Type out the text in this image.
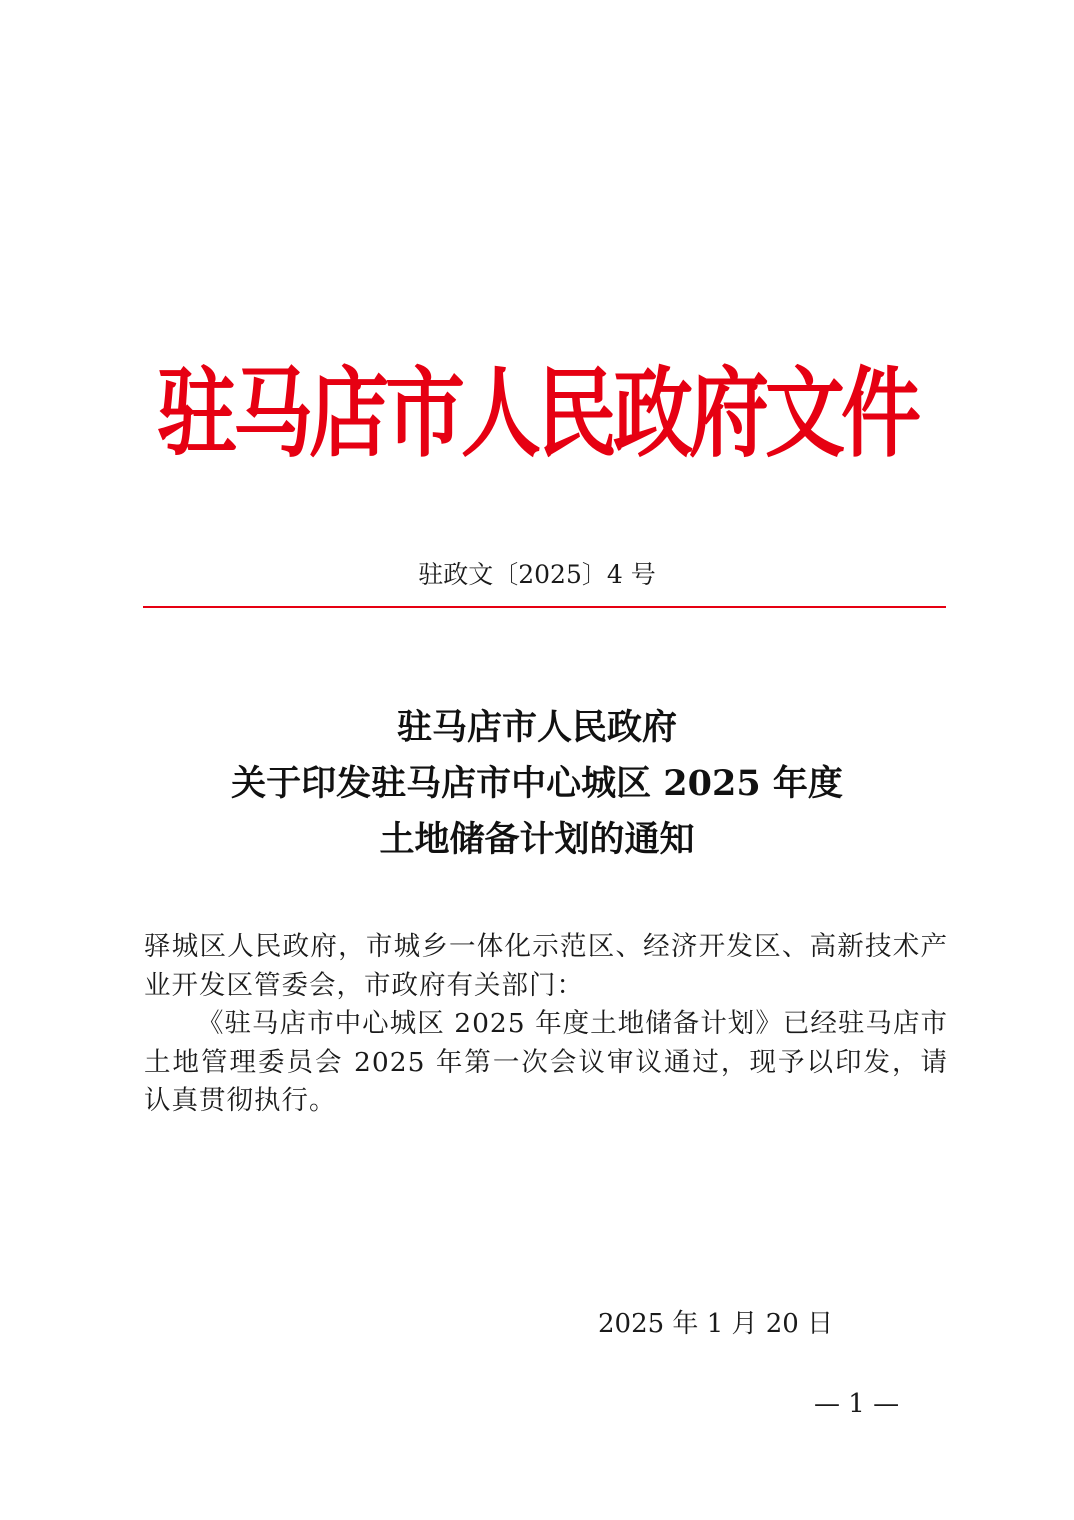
驻马店市人民政府文件
驻政文〔2025〕4 号
驻马店市人民政府
关于印发驻马店市中心城区 2025 年度
土地储备计划的通知

驿城区人民政府，市城乡一体化示范区、经济开发区、高新技术产业开发区管委会，市政府有关部门：

《驻马店市中心城区 2025 年度土地储备计划》已经驻马店市土地管理委员会 2025 年第一次会议审议通过，现予以印发，请认真贯彻执行。

2025 年 1 月 20 日
— 1 —
